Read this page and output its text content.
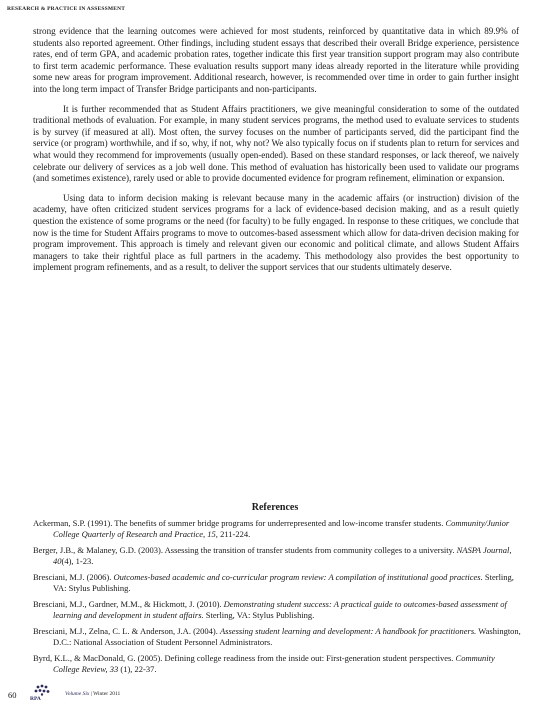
RESEARCH & PRACTICE IN ASSESSMENT

strong evidence that the learning outcomes were achieved for most students, reinforced by quantitative data in which 89.9% of students also reported agreement. Other findings, including student essays that described their overall Bridge experience, persistence rates, end of term GPA, and academic probation rates, together indicate this first year transition support program may also contribute to first term academic performance. These evaluation results support many ideas already reported in the literature while providing some new areas for program improvement. Additional research, however, is recommended over time in order to gain further insight into the long term impact of Transfer Bridge participants and non-participants.

It is further recommended that as Student Affairs practitioners, we give meaningful consideration to some of the outdated traditional methods of evaluation. For example, in many student services programs, the method used to evaluate services to students is by survey (if measured at all). Most often, the survey focuses on the number of participants served, did the participant find the service (or program) worthwhile, and if so, why, if not, why not? We also typically focus on if students plan to return for services and what would they recommend for improvements (usually open-ended). Based on these standard responses, or lack thereof, we naively celebrate our delivery of services as a job well done. This method of evaluation has historically been used to validate our programs (and sometimes existence), rarely used or able to provide documented evidence for program refinement, elimination or expansion.

Using data to inform decision making is relevant because many in the academic affairs (or instruction) division of the academy, have often criticized student services programs for a lack of evidence-based decision making, and as a result quietly question the existence of some programs or the need (for faculty) to be fully engaged. In response to these critiques, we conclude that now is the time for Student Affairs programs to move to outcomes-based assessment which allow for data-driven decision making for program improvement. This approach is timely and relevant given our economic and political climate, and allows Student Affairs managers to take their rightful place as full partners in the academy. This methodology also provides the best opportunity to implement program refinements, and as a result, to deliver the support services that our students ultimately deserve.

References
Ackerman, S.P. (1991). The benefits of summer bridge programs for underrepresented and low-income transfer students. Community/Junior College Quarterly of Research and Practice, 15, 211-224.
Berger, J.B., & Malaney, G.D. (2003). Assessing the transition of transfer students from community colleges to a university. NASPA Journal, 40(4), 1-23.
Bresciani, M.J. (2006). Outcomes-based academic and co-curricular program review: A compilation of institutional good practices. Sterling, VA: Stylus Publishing.
Bresciani, M.J., Gardner, M.M., & Hickmott, J. (2010). Demonstrating student success: A practical guide to outcomes-based assessment of learning and development in student affairs. Sterling, VA: Stylus Publishing.
Bresciani, M.J., Zelna, C. L. & Anderson, J.A. (2004). Assessing student learning and development: A handbook for practitioners. Washington, D.C.: National Association of Student Personnel Administrators.
Byrd, K.L., & MacDonald, G. (2005). Defining college readiness from the inside out: First-generation student perspectives. Community College Review, 33 (1), 22-37.
60 RPA
Volume Six | Winter 2011
